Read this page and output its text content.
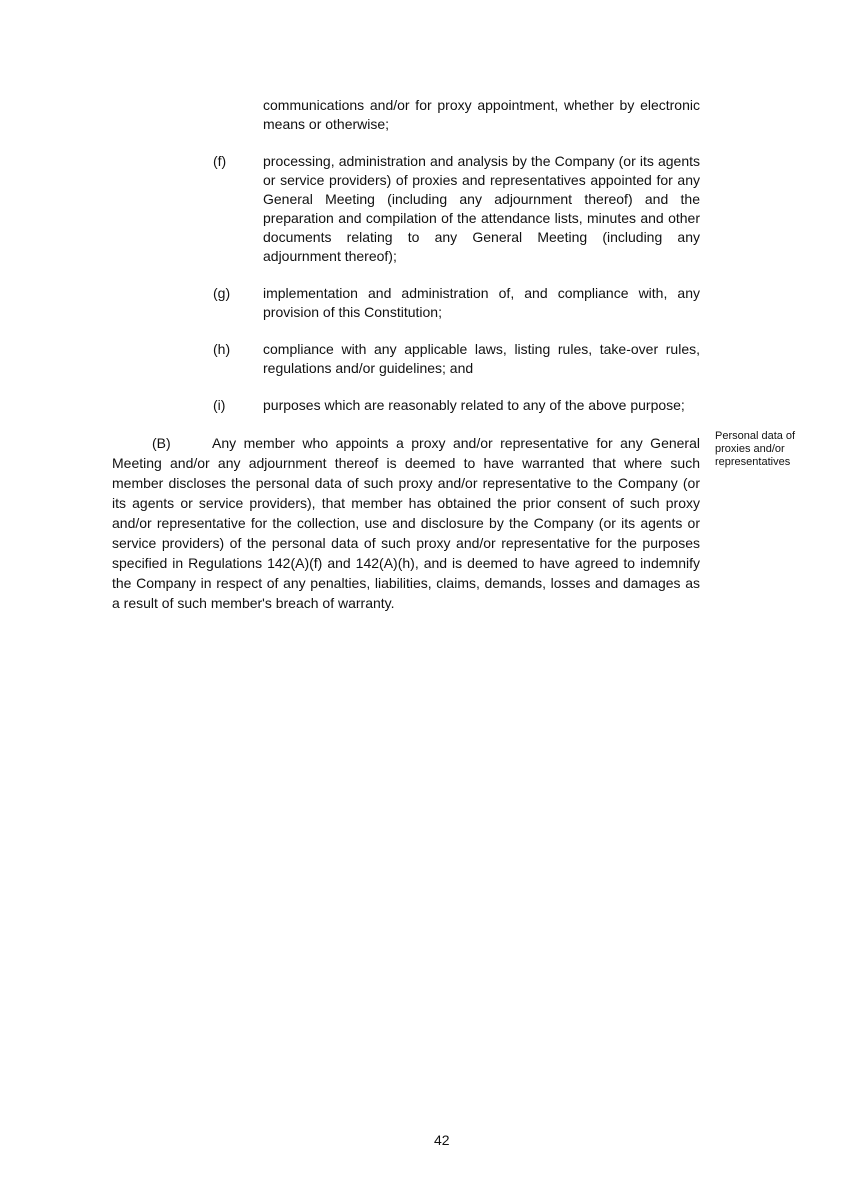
communications and/or for proxy appointment, whether by electronic means or otherwise;
(f)	processing, administration and analysis by the Company (or its agents or service providers) of proxies and representatives appointed for any General Meeting (including any adjournment thereof) and the preparation and compilation of the attendance lists, minutes and other documents relating to any General Meeting (including any adjournment thereof);
(g)	implementation and administration of, and compliance with, any provision of this Constitution;
(h)	compliance with any applicable laws, listing rules, take-over rules, regulations and/or guidelines; and
(i)	purposes which are reasonably related to any of the above purpose;

(B)	Any member who appoints a proxy and/or representative for any General Meeting and/or any adjournment thereof is deemed to have warranted that where such member discloses the personal data of such proxy and/or representative to the Company (or its agents or service providers), that member has obtained the prior consent of such proxy and/or representative for the collection, use and disclosure by the Company (or its agents or service providers) of the personal data of such proxy and/or representative for the purposes specified in Regulations 142(A)(f) and 142(A)(h), and is deemed to have agreed to indemnify the Company in respect of any penalties, liabilities, claims, demands, losses and damages as a result of such member's breach of warranty.

Personal data of proxies and/or representatives
42
